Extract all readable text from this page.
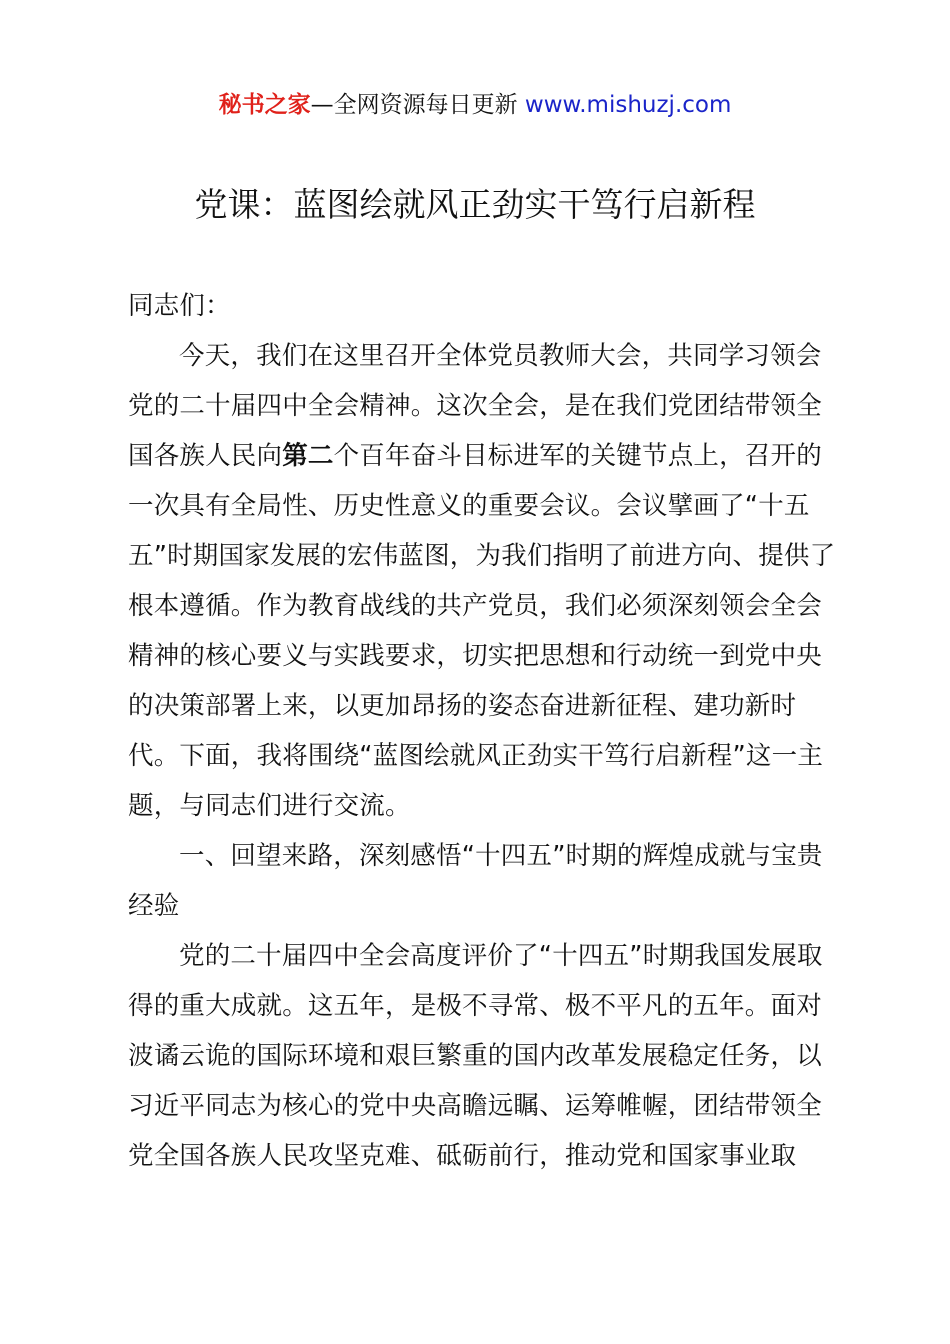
秘书之家—全网资源每日更新 www.mishuzj.com
党课：蓝图绘就风正劲实干笃行启新程

同志们：

今天，我们在这里召开全体党员教师大会，共同学习领会党的二十届四中全会精神。这次全会，是在我们党团结带领全国各族人民向第二个百年奋斗目标进军的关键节点上，召开的一次具有全局性、历史性意义的重要会议。会议擘画了“十五五”时期国家发展的宏伟蓝图，为我们指明了前进方向、提供了根本遵循。作为教育战线的共产党员，我们必须深刻领会全会精神的核心要义与实践要求，切实把思想和行动统一到党中央的决策部署上来，以更加昂扬的姿态奋进新征程、建功新时代。下面，我将围绕“蓝图绘就风正劲实干笃行启新程”这一主题，与同志们进行交流。

一、回望来路，深刻感悟“十四五”时期的辉煌成就与宝贵经验

党的二十届四中全会高度评价了“十四五”时期我国发展取得的重大成就。这五年，是极不寻常、极不平凡的五年。面对波谲云诡的国际环境和艰巨繁重的国内改革发展稳定任务，以习近平同志为核心的党中央高瞻远瞩、运筹帷幄，团结带领全党全国各族人民攻坚克难、砥砺前行，推动党和国家事业取
